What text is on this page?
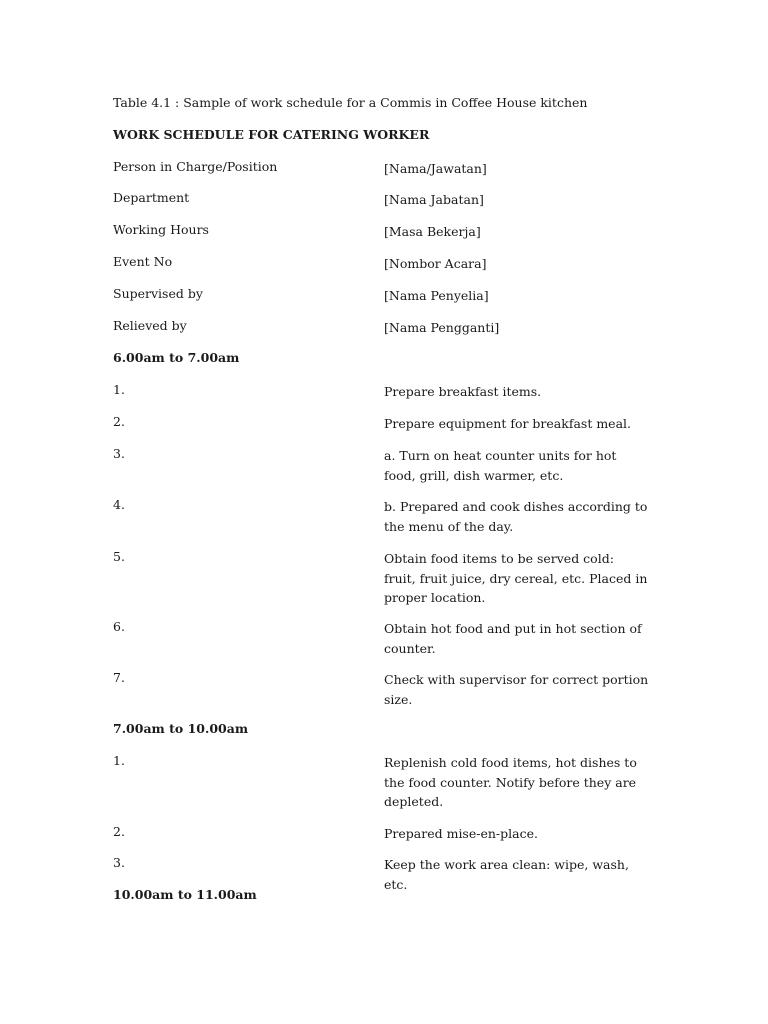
Table 4.1 : Sample of work schedule for a Commis in Coffee House kitchen
WORK SCHEDULE FOR CATERING WORKER
Person in Charge/Position	[Nama/Jawatan]
Department	[Nama Jabatan]
Working Hours	[Masa Bekerja]
Event No	[Nombor Acara]
Supervised by	[Nama Penyelia]
Relieved by	[Nama Pengganti]
6.00am to 7.00am
1.	Prepare breakfast items.
2.	Prepare equipment for breakfast meal.
3.	a. Turn on heat counter units for hot food, grill, dish warmer, etc.
4.	b. Prepared and cook dishes according to the menu of the day.
5.	Obtain food items to be served cold: fruit, fruit juice, dry cereal, etc. Placed in proper location.
6.	Obtain hot food and put in hot section of counter.
7.	Check with supervisor for correct portion size.
7.00am to 10.00am
1.	Replenish cold food items, hot dishes to the food counter. Notify before they are depleted.
2.	Prepared mise-en-place.
3.	Keep the work area clean: wipe, wash, etc.
10.00am to 11.00am
